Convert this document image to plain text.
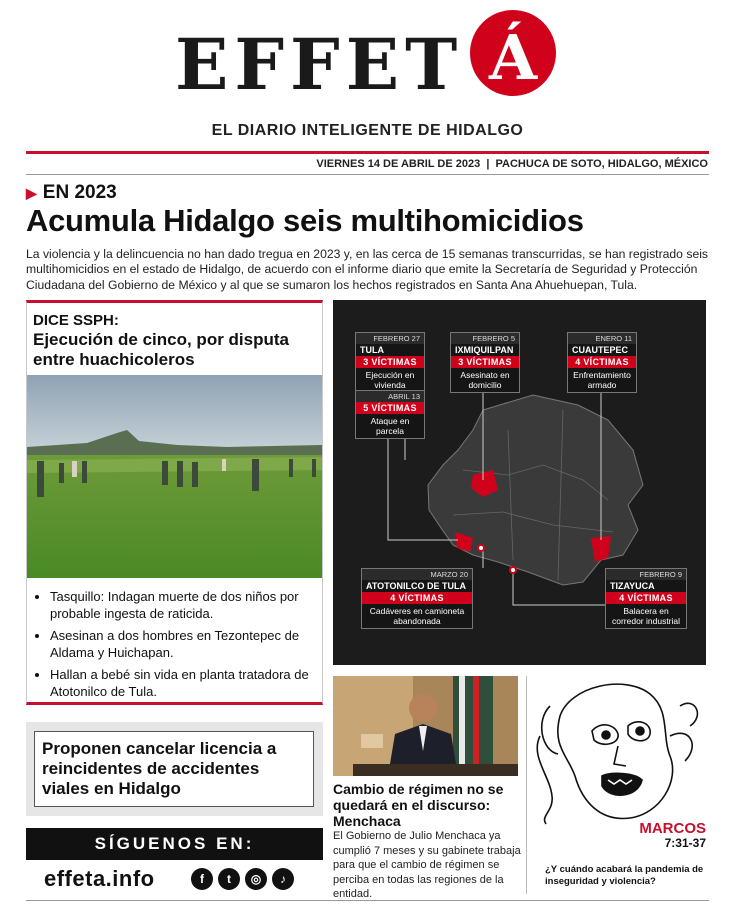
EFFET Á
EL DIARIO INTELIGENTE DE HIDALGO
VIERNES 14 DE ABRIL DE 2023  |  PACHUCA DE SOTO, HIDALGO, MÉXICO
▶ EN 2023
Acumula Hidalgo seis multihomicidios
La violencia y la delincuencia no han dado tregua en 2023 y, en las cerca de 15 semanas transcurridas, se han registrado seis multihomicidios en el estado de Hidalgo, de acuerdo con el informe diario que emite la Secretaría de Seguridad y Protección Ciudadana del Gobierno de México y al que se sumaron los hechos registrados en Santa Ana Ahuehuepan, Tula.
DICE SSPH:
Ejecución de cinco, por disputa entre huachicoleros
• Tasquillo: Indagan muerte de dos niños por probable ingesta de raticida.
• Asesinan a dos hombres en Tezontepec de Aldama y Huichapan.
• Hallan a bebé sin vida en planta tratadora de Atotonilco de Tula.
Proponen cancelar licencia a reincidentes de accidentes viales en Hidalgo
SÍGUENOS EN:
effeta.info	f	t	◎	♪
FEBRERO 27
TULA
3 VÍCTIMAS
Ejecución en vivienda
FEBRERO 5
IXMIQUILPAN
3 VÍCTIMAS
Asesinato en domicilio
ENERO 11
CUAUTEPEC
4 VÍCTIMAS
Enfrentamiento armado
ABRIL 13
5 VÍCTIMAS
Ataque en parcela
MARZO 20
ATOTONILCO DE TULA
4 VÍCTIMAS
Cadáveres en camioneta abandonada
FEBRERO 9
TIZAYUCA
4 VÍCTIMAS
Balacera en corredor industrial
Cambio de régimen no se quedará en el discurso: Menchaca
El Gobierno de Julio Menchaca ya cumplió 7 meses y su gabinete trabaja para que el cambio de régimen se perciba en todas las regiones de la entidad.
MARCOS
7:31-37
¿Y cuándo acabará la pandemia de inseguridad y violencia?
